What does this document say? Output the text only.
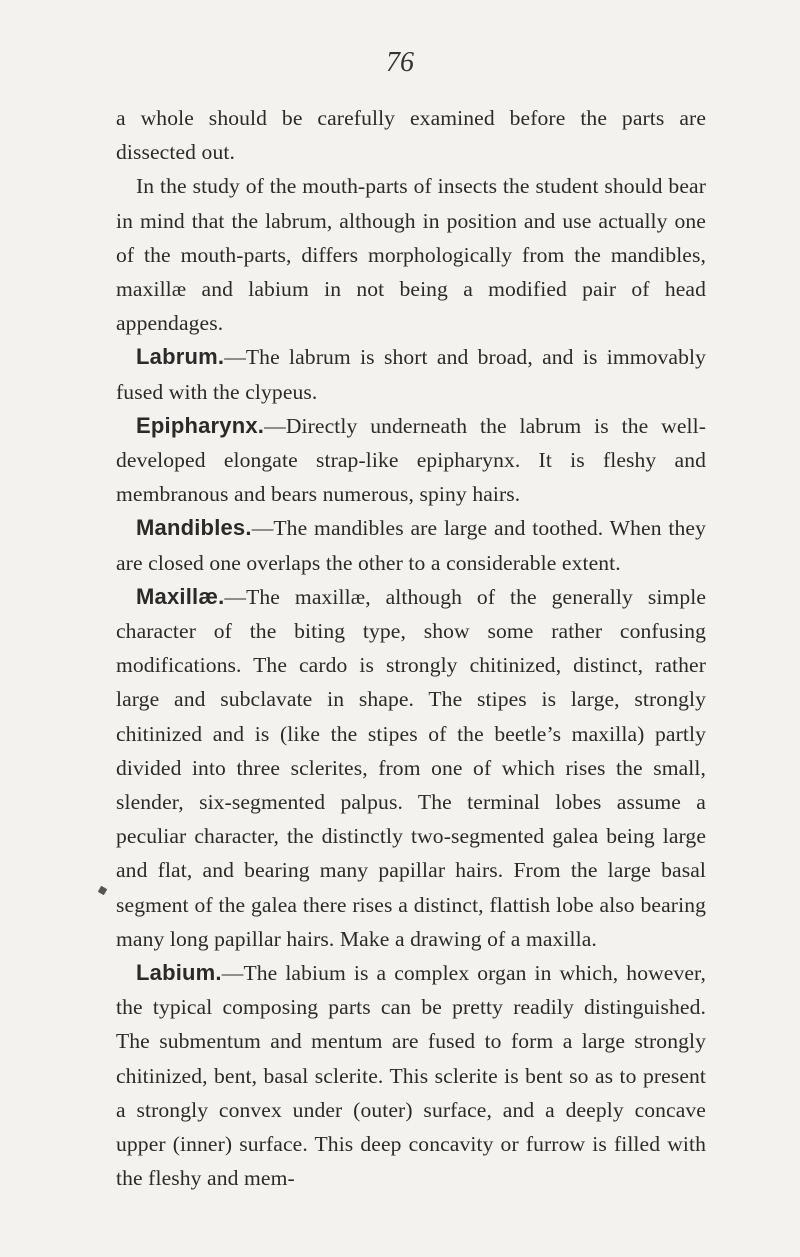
76

a whole should be carefully examined before the parts are dissected out.

In the study of the mouth-parts of insects the student should bear in mind that the labrum, although in position and use actually one of the mouth-parts, differs morphologically from the mandibles, maxillæ and labium in not being a modified pair of head appendages.

Labrum.—The labrum is short and broad, and is immovably fused with the clypeus.

Epipharynx.—Directly underneath the labrum is the well-developed elongate strap-like epipharynx. It is fleshy and membranous and bears numerous, spiny hairs.

Mandibles.—The mandibles are large and toothed. When they are closed one overlaps the other to a considerable extent.

Maxillæ.—The maxillæ, although of the generally simple character of the biting type, show some rather confusing modifications. The cardo is strongly chitinized, distinct, rather large and subclavate in shape. The stipes is large, strongly chitinized and is (like the stipes of the beetle’s maxilla) partly divided into three sclerites, from one of which rises the small, slender, six-segmented palpus. The terminal lobes assume a peculiar character, the distinctly two-segmented galea being large and flat, and bearing many papillar hairs. From the large basal segment of the galea there rises a distinct, flattish lobe also bearing many long papillar hairs. Make a drawing of a maxilla.

Labium.—The labium is a complex organ in which, however, the typical composing parts can be pretty readily distinguished. The submentum and mentum are fused to form a large strongly chitinized, bent, basal sclerite. This sclerite is bent so as to present a strongly convex under (outer) surface, and a deeply concave upper (inner) surface. This deep concavity or furrow is filled with the fleshy and mem-
